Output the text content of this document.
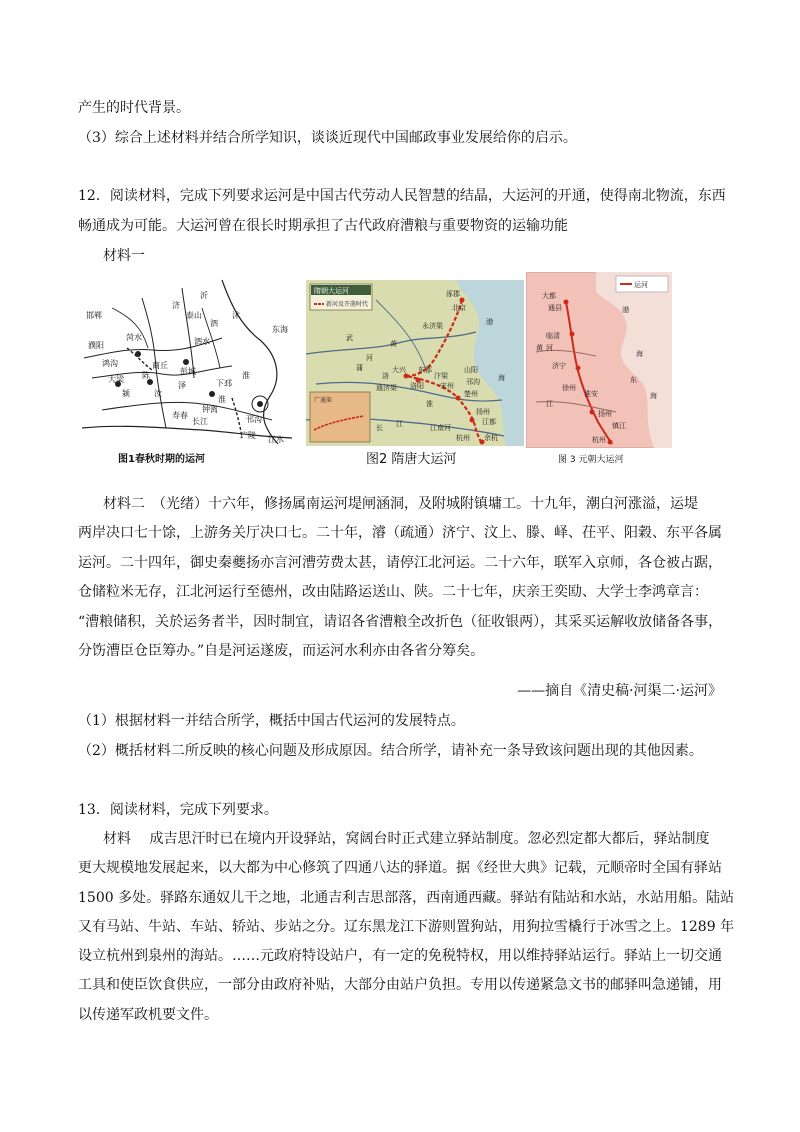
产生的时代背景。
（3）综合上述材料并结合所学知识，谈谈近现代中国邮政事业发展给你的启示。
12．阅读材料，完成下列要求运河是中国古代劳动人民智慧的结晶，大运河的开通，使得南北物流，东西
畅通成为可能。大运河曾在很长时期承担了古代政府漕粮与重要物资的运输功能
材料一
沂
济
泗
沭
淮
泗水
菏水
鸿沟
颍	汝
泽
淮
长江	邗沟
广陵 江水
邯郸
濮阳
商丘
陈	彭城
下邳
寿春
泰山
大梁
东海
钟离
图1春秋时期的运河
隋朝大运河
新河及开凿时代
广通渠
涿郡
北京
大兴
洛阳
东都
汴梁
宋州
楚州
扬州
江都
余杭
杭州
永济渠
通济渠
邗沟
江南河
山阳
黄
渤
海
河
洛
淮
江
长
武
蒲
图2 隋唐大运河
运河
大都
通县
临清
济宁
徐州
淮安
扬州
杭州
镇江
渤
海
黄 河
海
江
东
图 3 元朝大运河
材料二　（光绪）十六年，修扬属南运河堤闸涵洞，及附城附镇墉工。十九年，潮白河涨溢，运堤
两岸决口七十馀，上游务关厅决口七。二十年，濬（疏通）济宁、汶上、滕、峄、茌平、阳穀、东平各属
运河。二十四年，御史秦夔扬亦言河漕劳费太甚，请停江北河运。二十六年，联军入京师，各仓被占踞，
仓储粒米无存，江北河运行至德州，改由陆路运送山、陕。二十七年，庆亲王奕劻、大学士李鸿章言：
“漕粮储积，关於运务者半，因时制宜，请诏各省漕粮全改折色（征收银两），其采买运解收放储备各事，
分饬漕臣仓臣筹办。”自是河运遂废，而运河水利亦由各省分筹矣。
——摘自《清史稿·河渠二·运河》
（1）根据材料一并结合所学，概括中国古代运河的发展特点。
（2）概括材料二所反映的核心问题及形成原因。结合所学，请补充一条导致该问题出现的其他因素。
13．阅读材料，完成下列要求。
材料　 成吉思汗时已在境内开设驿站，窝阔台时正式建立驿站制度。忽必烈定都大都后，驿站制度
更大规模地发展起来，以大都为中心修筑了四通八达的驿道。据《经世大典》记载，元顺帝时全国有驿站
1500 多处。驿路东通奴儿干之地，北通吉利吉思部落，西南通西藏。驿站有陆站和水站，水站用船。陆站
又有马站、牛站、车站、轿站、步站之分。辽东黑龙江下游则置狗站，用狗拉雪橇行于冰雪之上。1289 年
设立杭州到泉州的海站。……元政府特设站户，有一定的免税特权，用以维持驿站运行。驿站上一切交通
工具和使臣饮食供应，一部分由政府补贴，大部分由站户负担。专用以传递紧急文书的邮驿叫急递铺，用
以传递军政机要文件。
